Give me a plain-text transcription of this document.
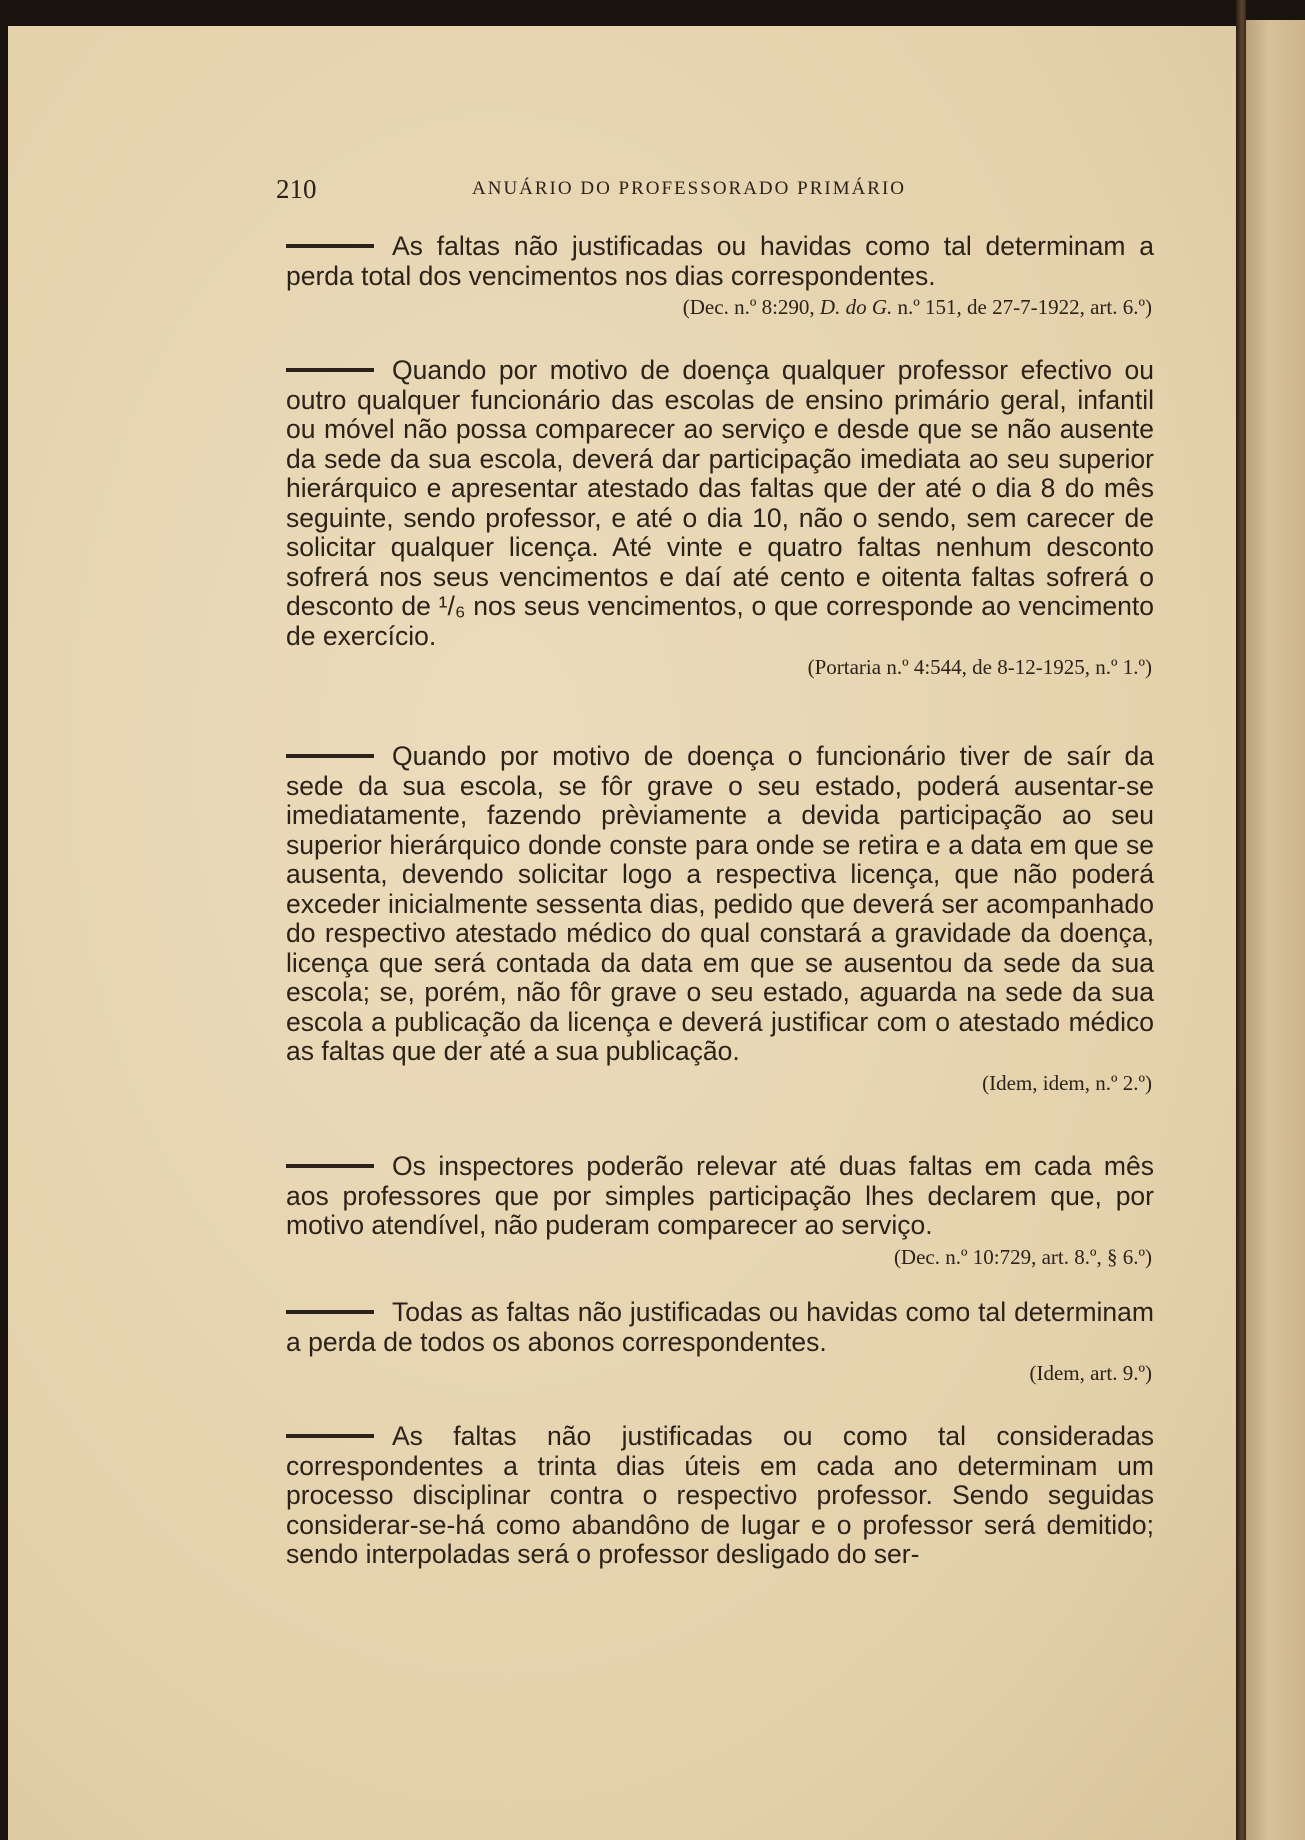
210	ANUÁRIO DO PROFESSORADO PRIMÁRIO

As faltas não justificadas ou havidas como tal determinam a perda total dos vencimentos nos dias correspondentes.

(Dec. n.º 8:290, D. do G. n.º 151, de 27-7-1922, art. 6.º)

Quando por motivo de doença qualquer professor efectivo ou outro qualquer funcionário das escolas de ensino primário geral, infantil ou móvel não possa comparecer ao serviço e desde que se não ausente da sede da sua escola, deverá dar participação imediata ao seu superior hierárquico e apresentar atestado das faltas que der até o dia 8 do mês seguinte, sendo professor, e até o dia 10, não o sendo, sem carecer de solicitar qualquer licença. Até vinte e quatro faltas nenhum desconto sofrerá nos seus vencimentos e daí até cento e oitenta faltas sofrerá o desconto de ¹/₆ nos seus vencimentos, o que corresponde ao vencimento de exercício.

(Portaria n.º 4:544, de 8-12-1925, n.º 1.º)

Quando por motivo de doença o funcionário tiver de saír da sede da sua escola, se fôr grave o seu estado, poderá ausentar-se imediatamente, fazendo prèviamente a devida participação ao seu superior hierárquico donde conste para onde se retira e a data em que se ausenta, devendo solicitar logo a respectiva licença, que não poderá exceder inicialmente sessenta dias, pedido que deverá ser acompanhado do respectivo atestado médico do qual constará a gravidade da doença, licença que será contada da data em que se ausentou da sede da sua escola; se, porém, não fôr grave o seu estado, aguarda na sede da sua escola a publicação da licença e deverá justificar com o atestado médico as faltas que der até a sua publicação.

(Idem, idem, n.º 2.º)

Os inspectores poderão relevar até duas faltas em cada mês aos professores que por simples participação lhes declarem que, por motivo atendível, não puderam comparecer ao serviço.

(Dec. n.º 10:729, art. 8.º, § 6.º)

Todas as faltas não justificadas ou havidas como tal determinam a perda de todos os abonos correspondentes.

(Idem, art. 9.º)

As faltas não justificadas ou como tal consideradas correspondentes a trinta dias úteis em cada ano determinam um processo disciplinar contra o respectivo professor. Sendo seguidas considerar-se-há como abandôno de lugar e o professor será demitido; sendo interpoladas será o professor desligado do ser-
